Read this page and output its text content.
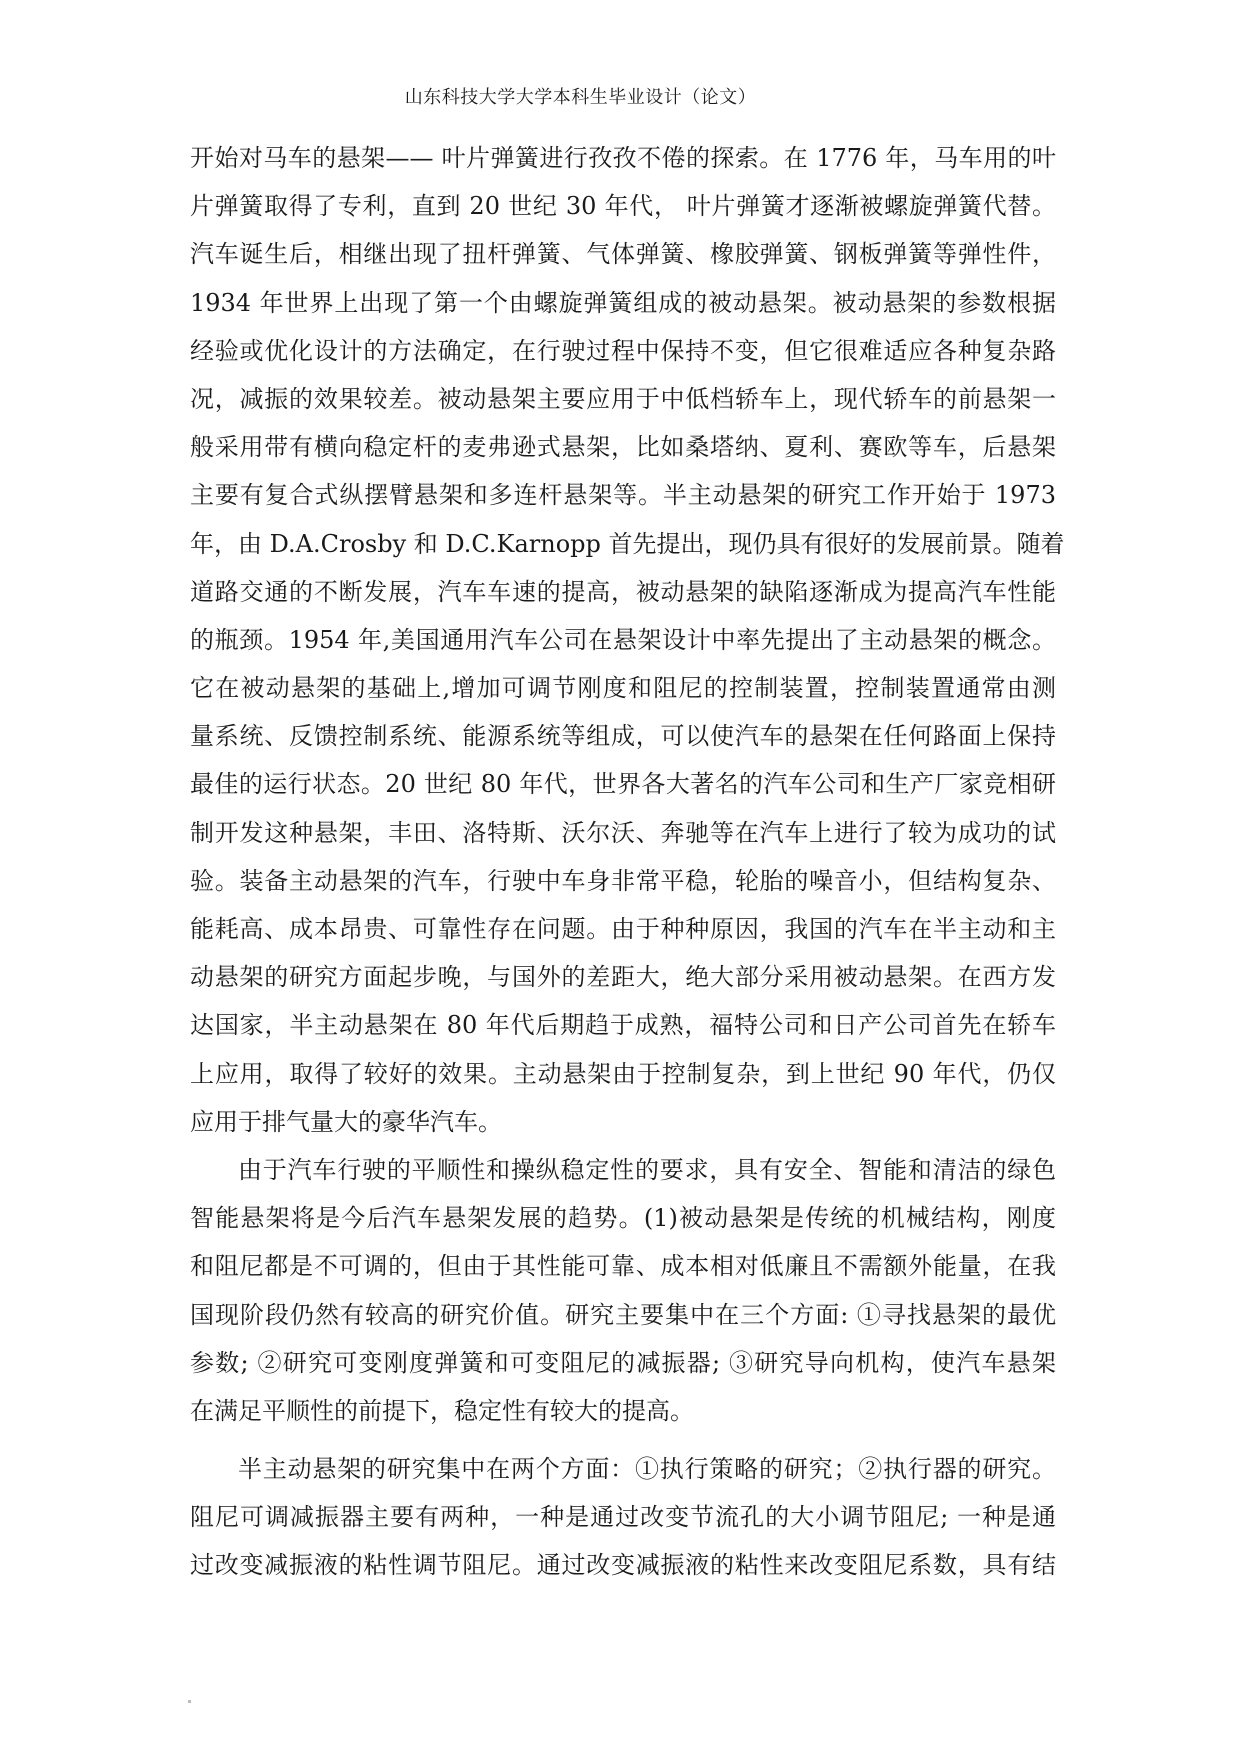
山东科技大学大学本科生毕业设计（论文）
开始对马车的悬架—— 叶片弹簧进行孜孜不倦的探索。在 1776 年，马车用的叶
片弹簧取得了专利，直到 20 世纪 30 年代， 叶片弹簧才逐渐被螺旋弹簧代替。
汽车诞生后，相继出现了扭杆弹簧、气体弹簧、橡胶弹簧、钢板弹簧等弹性件，
1934 年世界上出现了第一个由螺旋弹簧组成的被动悬架。被动悬架的参数根据
经验或优化设计的方法确定，在行驶过程中保持不变，但它很难适应各种复杂路
况，减振的效果较差。被动悬架主要应用于中低档轿车上，现代轿车的前悬架一
般采用带有横向稳定杆的麦弗逊式悬架，比如桑塔纳、夏利、赛欧等车，后悬架
主要有复合式纵摆臂悬架和多连杆悬架等。半主动悬架的研究工作开始于 1973
年，由 D.A.Crosby 和 D.C.Karnopp 首先提出，现仍具有很好的发展前景。随着
道路交通的不断发展，汽车车速的提高，被动悬架的缺陷逐渐成为提高汽车性能
的瓶颈。1954 年,美国通用汽车公司在悬架设计中率先提出了主动悬架的概念。
它在被动悬架的基础上,增加可调节刚度和阻尼的控制装置，控制装置通常由测
量系统、反馈控制系统、能源系统等组成，可以使汽车的悬架在任何路面上保持
最佳的运行状态。20 世纪 80 年代，世界各大著名的汽车公司和生产厂家竞相研
制开发这种悬架，丰田、洛特斯、沃尔沃、奔驰等在汽车上进行了较为成功的试
验。装备主动悬架的汽车，行驶中车身非常平稳，轮胎的噪音小，但结构复杂、
能耗高、成本昂贵、可靠性存在问题。由于种种原因，我国的汽车在半主动和主
动悬架的研究方面起步晚，与国外的差距大，绝大部分采用被动悬架。在西方发
达国家，半主动悬架在 80 年代后期趋于成熟，福特公司和日产公司首先在轿车
上应用，取得了较好的效果。主动悬架由于控制复杂，到上世纪 90 年代，仍仅
应用于排气量大的豪华汽车。
由于汽车行驶的平顺性和操纵稳定性的要求，具有安全、智能和清洁的绿色
智能悬架将是今后汽车悬架发展的趋势。(1)被动悬架是传统的机械结构，刚度
和阻尼都是不可调的，但由于其性能可靠、成本相对低廉且不需额外能量，在我
国现阶段仍然有较高的研究价值。研究主要集中在三个方面: ①寻找悬架的最优
参数; ②研究可变刚度弹簧和可变阻尼的减振器; ③研究导向机构，使汽车悬架
在满足平顺性的前提下，稳定性有较大的提高。
半主动悬架的研究集中在两个方面：①执行策略的研究；②执行器的研究。
阻尼可调减振器主要有两种，一种是通过改变节流孔的大小调节阻尼; 一种是通
过改变减振液的粘性调节阻尼。通过改变减振液的粘性来改变阻尼系数，具有结
